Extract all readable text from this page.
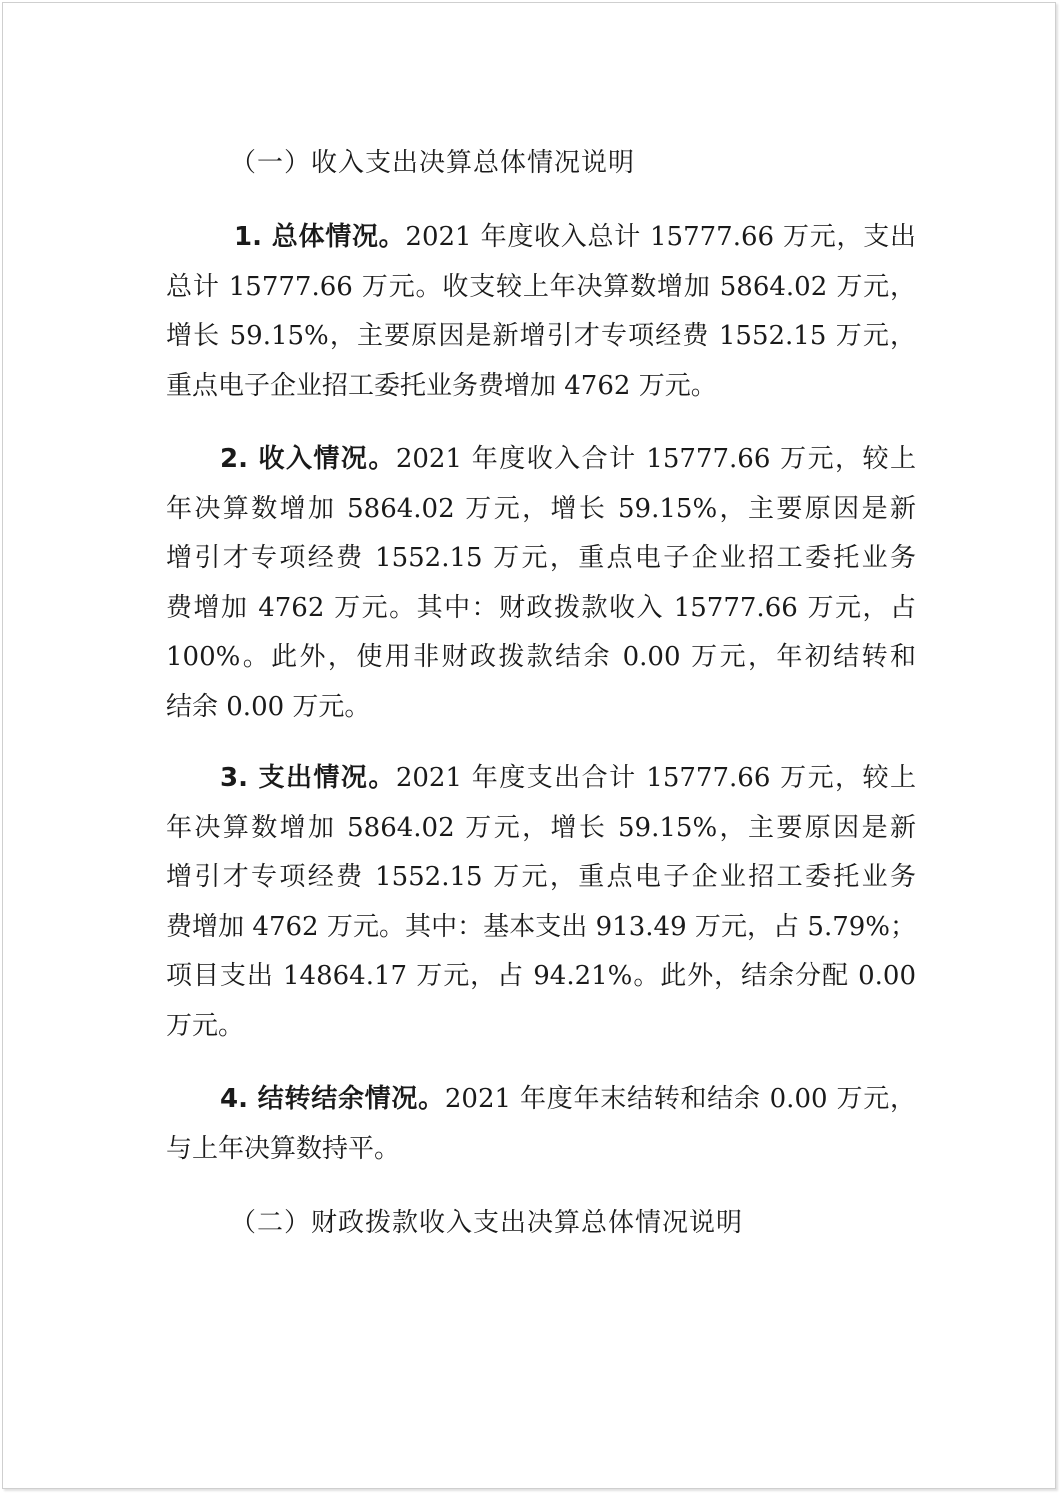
（一）收入支出决算总体情况说明
1. 总体情况。2021 年度收入总计 15777.66 万元，支出
总计 15777.66 万元。收支较上年决算数增加 5864.02 万元，
增长 59.15%，主要原因是新增引才专项经费 1552.15 万元，
重点电子企业招工委托业务费增加 4762 万元。
2. 收入情况。2021 年度收入合计 15777.66 万元，较上
年决算数增加 5864.02 万元，增长 59.15%，主要原因是新
增引才专项经费 1552.15 万元，重点电子企业招工委托业务
费增加 4762 万元。其中：财政拨款收入 15777.66 万元，占
100%。此外，使用非财政拨款结余 0.00 万元，年初结转和
结余 0.00 万元。
3. 支出情况。2021 年度支出合计 15777.66 万元，较上
年决算数增加 5864.02 万元，增长 59.15%，主要原因是新
增引才专项经费 1552.15 万元，重点电子企业招工委托业务
费增加 4762 万元。其中：基本支出 913.49 万元，占 5.79%；
项目支出 14864.17 万元，占 94.21%。此外，结余分配 0.00
万元。
4. 结转结余情况。2021 年度年末结转和结余 0.00 万元，
与上年决算数持平。
（二）财政拨款收入支出决算总体情况说明
